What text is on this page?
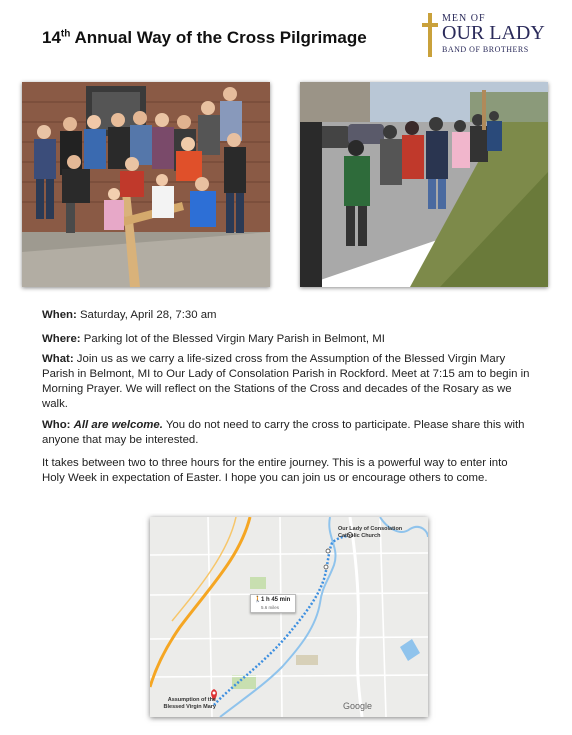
14th Annual Way of the Cross Pilgrimage
MEN OF
OUR LADY
BAND OF BROTHERS
When: Saturday, April 28, 7:30 am
Where: Parking lot of the Blessed Virgin Mary Parish in Belmont, MI
What: Join us as we carry a life-sized cross from the Assumption of the Blessed Virgin Mary Parish in Belmont, MI to Our Lady of Consolation Parish in Rockford. Meet at 7:15 am to begin in Morning Prayer. We will reflect on the Stations of the Cross and decades of the Rosary as we walk.
Who: All are welcome. You do not need to carry the cross to participate. Please share this with anyone that may be interested.
It takes between two to three hours for the entire journey. This is a powerful way to enter into Holy Week in expectation of Easter. I hope you can join us or encourage others to come.
Our Lady of Consolation Catholic Church
Assumption of the Blessed Virgin Mary
🚶 1 h 45 min
5.6 miles
Google
